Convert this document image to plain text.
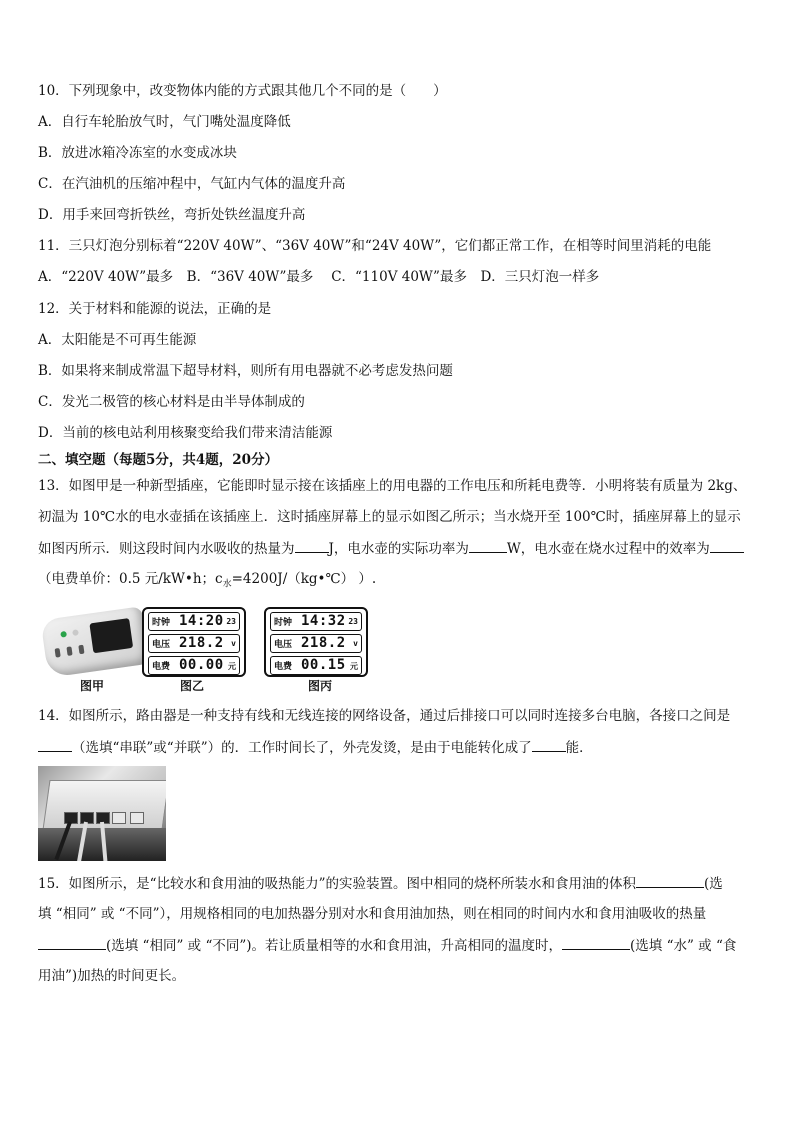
10．下列现象中，改变物体内能的方式跟其他几个不同的是（　　）
A．自行车轮胎放气时，气门嘴处温度降低
B．放进冰箱冷冻室的水变成冰块
C．在汽油机的压缩冲程中，气缸内气体的温度升高
D．用手来回弯折铁丝，弯折处铁丝温度升高
11．三只灯泡分别标着“220V 40W”、“36V 40W”和“24V 40W”，它们都正常工作，在相等时间里消耗的电能
A．“220V 40W”最多　B．“36V 40W”最多　 C．“110V 40W”最多　D．三只灯泡一样多
12．关于材料和能源的说法，正确的是
A．太阳能是不可再生能源
B．如果将来制成常温下超导材料，则所有用电器就不必考虑发热问题
C．发光二极管的核心材料是由半导体制成的
D．当前的核电站利用核聚变给我们带来清洁能源
二、填空题（每题5分，共4题，20分）
13．如图甲是一种新型插座，它能即时显示接在该插座上的用电器的工作电压和所耗电费等．小明将装有质量为 2kg、
初温为 10℃水的电水壶插在该插座上．这时插座屏幕上的显示如图乙所示；当水烧开至 100℃时，插座屏幕上的显示
如图丙所示．则这段时间内水吸收的热量为	J，电水壶的实际功率为	W，电水壶在烧水过程中的效率为
（电费单价：0.5 元/kW•h；$c_水=4200J/(kg•℃)$ ）.
时钟 14:20 23
电压 218.2 v
电费 00.00 元
时钟 14:32 23
电压 218.2 v
电费 00.15 元
图甲	图乙	图丙
14．如图所示，路由器是一种支持有线和无线连接的网络设备，通过后排接口可以同时连接多台电脑，各接口之间是
（选填“串联”或“并联”）的．工作时间长了，外壳发烫，是由于电能转化成了	能．
15．如图所示，是“比较水和食用油的吸热能力”的实验装置。图中相同的烧杯所装水和食用油的体积	(选
填 “相同” 或 “不同”），用规格相同的电加热器分别对水和食用油加热，则在相同的时间内水和食用油吸收的热量
(选填 “相同” 或 “不同”)。若让质量相等的水和食用油，升高相同的温度时，	(选填 “水” 或 “食
用油”)加热的时间更长。
